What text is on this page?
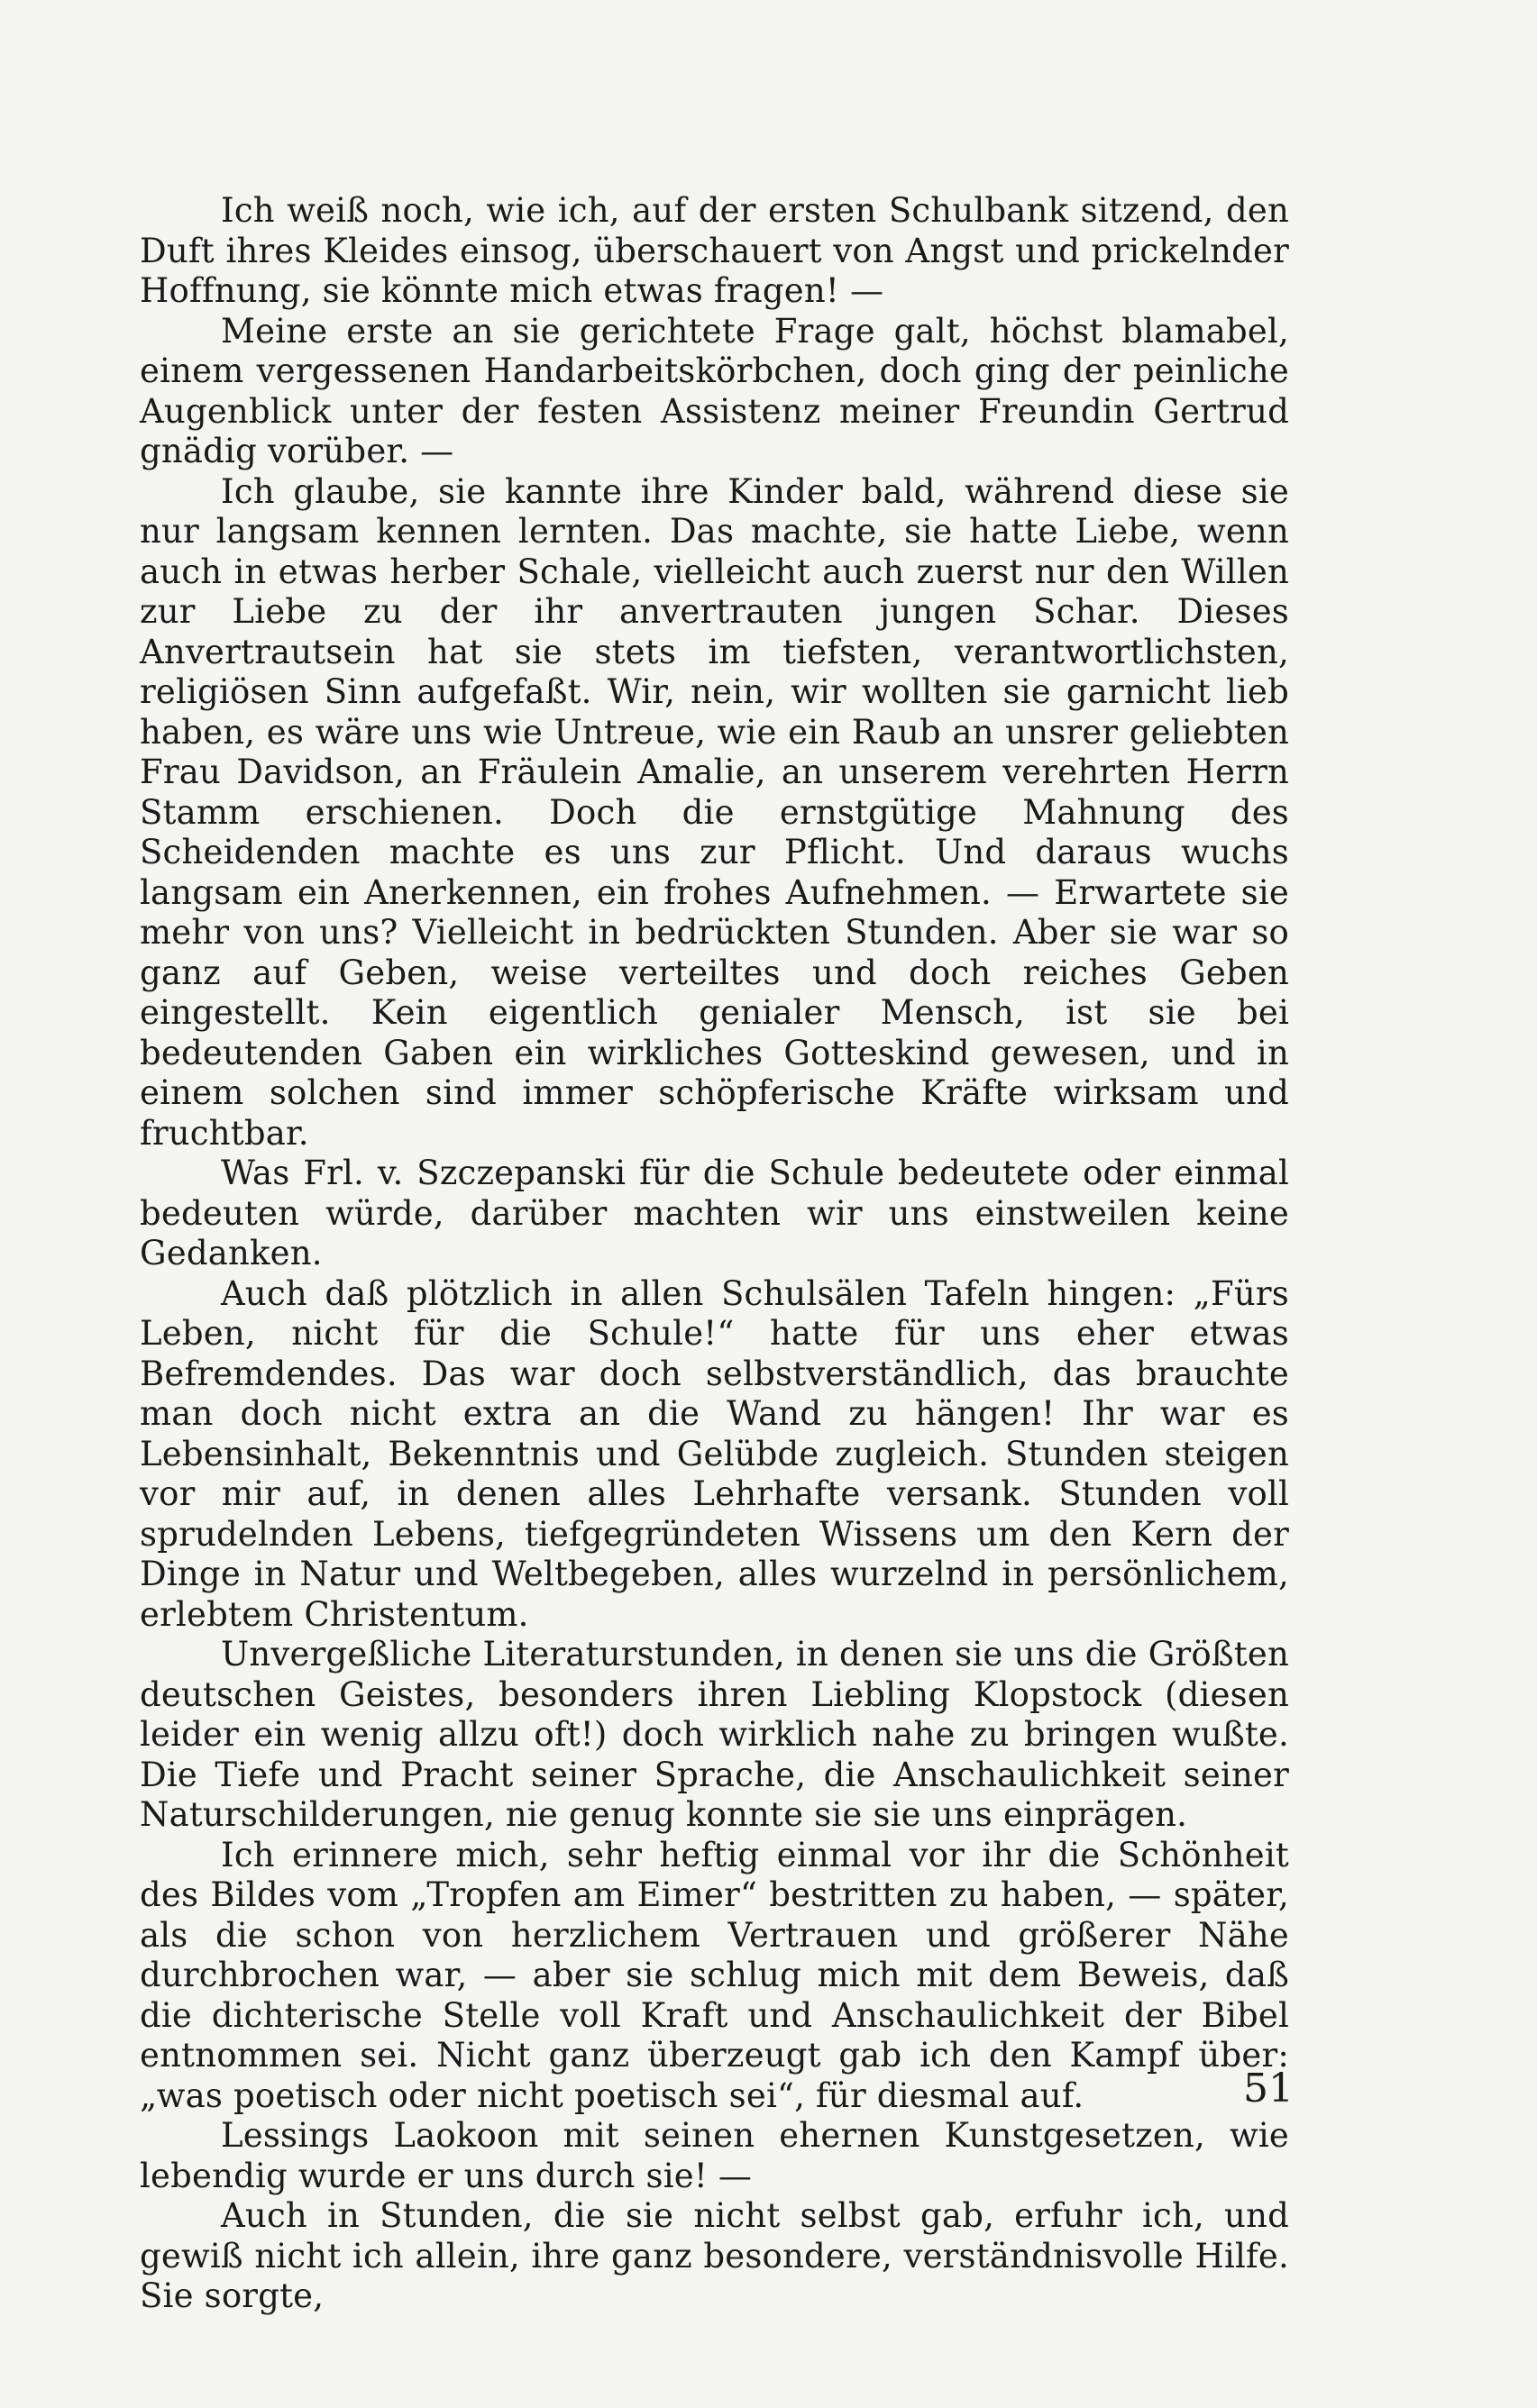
Ich weiß noch, wie ich, auf der ersten Schulbank sitzend, den Duft ihres Kleides einsog, überschauert von Angst und prickelnder Hoffnung, sie könnte mich etwas fragen! —

Meine erste an sie gerichtete Frage galt, höchst blamabel, einem vergessenen Handarbeitskörbchen, doch ging der peinliche Augenblick unter der festen Assistenz meiner Freundin Gertrud gnädig vorüber. —

Ich glaube, sie kannte ihre Kinder bald, während diese sie nur langsam kennen lernten. Das machte, sie hatte Liebe, wenn auch in etwas herber Schale, vielleicht auch zuerst nur den Willen zur Liebe zu der ihr anvertrauten jungen Schar. Dieses Anvertrautsein hat sie stets im tiefsten, verantwortlichsten, religiösen Sinn aufgefaßt. Wir, nein, wir wollten sie garnicht lieb haben, es wäre uns wie Untreue, wie ein Raub an unsrer geliebten Frau Davidson, an Fräulein Amalie, an unserem verehrten Herrn Stamm erschienen. Doch die ernstgütige Mahnung des Scheidenden machte es uns zur Pflicht. Und daraus wuchs langsam ein Anerkennen, ein frohes Aufnehmen. — Erwartete sie mehr von uns? Vielleicht in bedrückten Stunden. Aber sie war so ganz auf Geben, weise verteiltes und doch reiches Geben eingestellt. Kein eigentlich genialer Mensch, ist sie bei bedeutenden Gaben ein wirkliches Gotteskind gewesen, und in einem solchen sind immer schöpferische Kräfte wirksam und fruchtbar.

Was Frl. v. Szczepanski für die Schule bedeutete oder einmal bedeuten würde, darüber machten wir uns einstweilen keine Gedanken.

Auch daß plötzlich in allen Schulsälen Tafeln hingen: „Fürs Leben, nicht für die Schule!“ hatte für uns eher etwas Befremdendes. Das war doch selbstverständlich, das brauchte man doch nicht extra an die Wand zu hängen! Ihr war es Lebensinhalt, Bekenntnis und Gelübde zugleich. Stunden steigen vor mir auf, in denen alles Lehrhafte versank. Stunden voll sprudelnden Lebens, tiefgegründeten Wissens um den Kern der Dinge in Natur und Weltbegeben, alles wurzelnd in persönlichem, erlebtem Christentum.

Unvergeßliche Literaturstunden, in denen sie uns die Größten deutschen Geistes, besonders ihren Liebling Klopstock (diesen leider ein wenig allzu oft!) doch wirklich nahe zu bringen wußte. Die Tiefe und Pracht seiner Sprache, die Anschaulichkeit seiner Naturschilderungen, nie genug konnte sie sie uns einprägen.

Ich erinnere mich, sehr heftig einmal vor ihr die Schönheit des Bildes vom „Tropfen am Eimer“ bestritten zu haben, — später, als die schon von herzlichem Vertrauen und größerer Nähe durchbrochen war, — aber sie schlug mich mit dem Beweis, daß die dichterische Stelle voll Kraft und Anschaulichkeit der Bibel entnommen sei. Nicht ganz überzeugt gab ich den Kampf über: „was poetisch oder nicht poetisch sei“, für diesmal auf.

Lessings Laokoon mit seinen ehernen Kunstgesetzen, wie lebendig wurde er uns durch sie! —

Auch in Stunden, die sie nicht selbst gab, erfuhr ich, und gewiß nicht ich allein, ihre ganz besondere, verständnisvolle Hilfe. Sie sorgte,

51
